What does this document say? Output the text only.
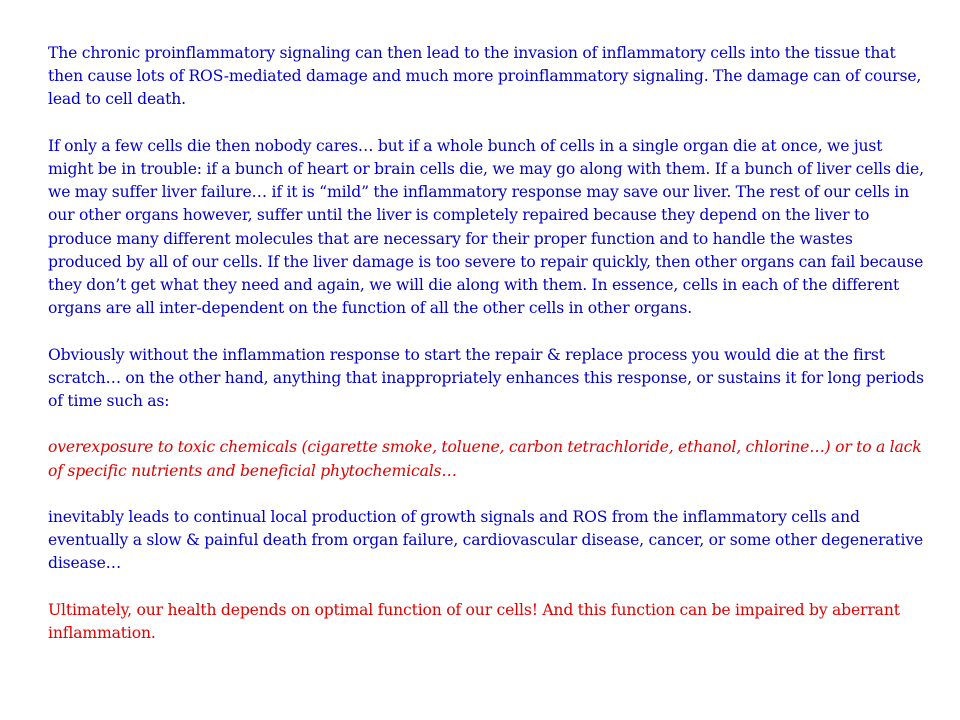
The chronic proinflammatory signaling can then lead to the invasion of inflammatory cells into the tissue that then cause lots of ROS-mediated damage and much more proinflammatory signaling. The damage can of course, lead to cell death.

If only a few cells die then nobody cares… but if a whole bunch of cells in a single organ die at once, we just might be in trouble: if a bunch of heart or brain cells die, we may go along with them. If a bunch of liver cells die, we may suffer liver failure… if it is “mild” the inflammatory response may save our liver. The rest of our cells in our other organs however, suffer until the liver is completely repaired because they depend on the liver to produce many different molecules that are necessary for their proper function and to handle the wastes produced by all of our cells. If the liver damage is too severe to repair quickly, then other organs can fail because they don’t get what they need and again, we will die along with them. In essence, cells in each of the different organs are all inter-dependent on the function of all the other cells in other organs.

Obviously without the inflammation response to start the repair & replace process you would die at the first scratch… on the other hand, anything that inappropriately enhances this response, or sustains it for long periods of time such as:

overexposure to toxic chemicals (cigarette smoke, toluene, carbon tetrachloride, ethanol, chlorine…) or to a lack of specific nutrients and beneficial phytochemicals…

inevitably leads to continual local production of growth signals and ROS from the inflammatory cells and eventually a slow & painful death from organ failure, cardiovascular disease, cancer, or some other degenerative disease…

Ultimately, our health depends on optimal function of our cells! And this function can be impaired by aberrant inflammation.
